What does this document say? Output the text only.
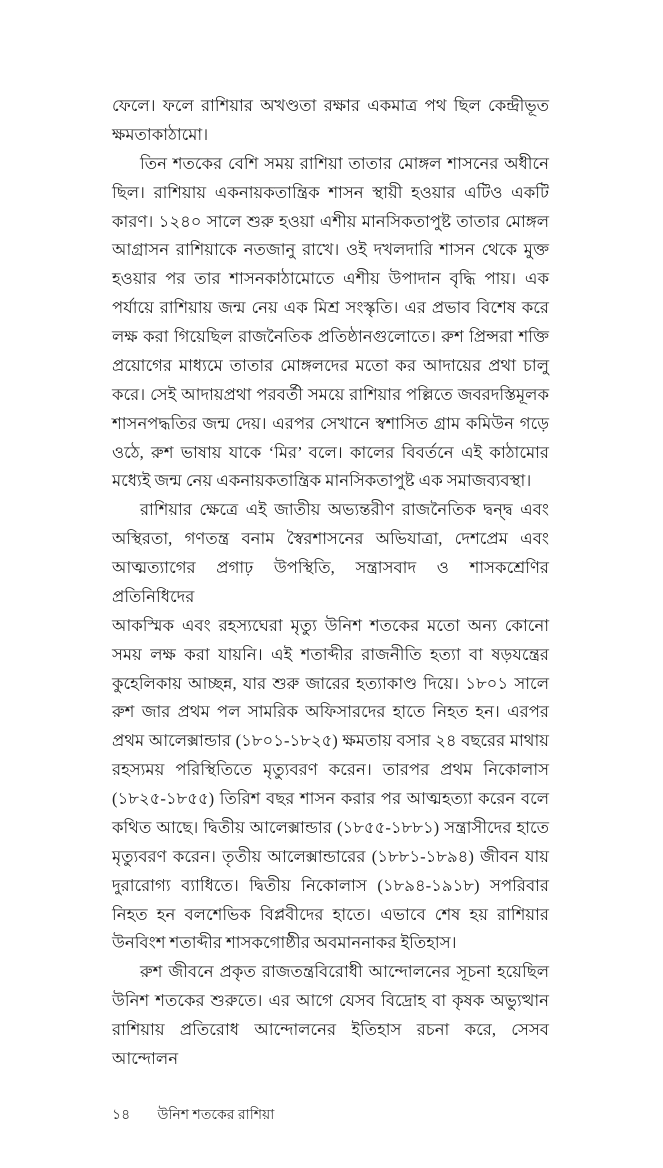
ফেলে। ফলে রাশিয়ার অখণ্ডতা রক্ষার একমাত্র পথ ছিল কেন্দ্রীভূত
ক্ষমতাকাঠামো।
তিন শতকের বেশি সময় রাশিয়া তাতার মোঙ্গল শাসনের অধীনে
ছিল। রাশিয়ায় একনায়কতান্ত্রিক শাসন স্থায়ী হওয়ার এটিও একটি
কারণ। ১২৪০ সালে শুরু হওয়া এশীয় মানসিকতাপুষ্ট তাতার মোঙ্গল
আগ্রাসন রাশিয়াকে নতজানু রাখে। ওই দখলদারি শাসন থেকে মুক্ত
হওয়ার পর তার শাসনকাঠামোতে এশীয় উপাদান বৃদ্ধি পায়। এক
পর্যায়ে রাশিয়ায় জন্ম নেয় এক মিশ্র সংস্কৃতি। এর প্রভাব বিশেষ করে
লক্ষ করা গিয়েছিল রাজনৈতিক প্রতিষ্ঠানগুলোতে। রুশ প্রিন্সরা শক্তি
প্রয়োগের মাধ্যমে তাতার মোঙ্গলদের মতো কর আদায়ের প্রথা চালু
করে। সেই আদায়প্রথা পরবর্তী সময়ে রাশিয়ার পল্লিতে জবরদস্তিমূলক
শাসনপদ্ধতির জন্ম দেয়। এরপর সেখানে স্বশাসিত গ্রাম কমিউন গড়ে
ওঠে, রুশ ভাষায় যাকে ‘মির’ বলে। কালের বিবর্তনে এই কাঠামোর
মধ্যেই জন্ম নেয় একনায়কতান্ত্রিক মানসিকতাপুষ্ট এক সমাজব্যবস্থা।
রাশিয়ার ক্ষেত্রে এই জাতীয় অভ্যন্তরীণ রাজনৈতিক দ্বন্দ্ব এবং
অস্থিরতা, গণতন্ত্র বনাম স্বৈরশাসনের অভিযাত্রা, দেশপ্রেম এবং
আত্মত্যাগের প্রগাঢ় উপস্থিতি, সন্ত্রাসবাদ ও শাসকশ্রেণির প্রতিনিধিদের
আকস্মিক এবং রহস্যঘেরা মৃত্যু উনিশ শতকের মতো অন্য কোনো
সময় লক্ষ করা যায়নি। এই শতাব্দীর রাজনীতি হত্যা বা ষড়যন্ত্রের
কুহেলিকায় আচ্ছন্ন, যার শুরু জারের হত্যাকাণ্ড দিয়ে। ১৮০১ সালে
রুশ জার প্রথম পল সামরিক অফিসারদের হাতে নিহত হন। এরপর
প্রথম আলেক্সান্ডার (১৮০১-১৮২৫) ক্ষমতায় বসার ২৪ বছরের মাথায়
রহস্যময় পরিস্থিতিতে মৃত্যুবরণ করেন। তারপর প্রথম নিকোলাস
(১৮২৫-১৮৫৫) তিরিশ বছর শাসন করার পর আত্মহত্যা করেন বলে
কথিত আছে। দ্বিতীয় আলেক্সান্ডার (১৮৫৫-১৮৮১) সন্ত্রাসীদের হাতে
মৃত্যুবরণ করেন। তৃতীয় আলেক্সান্ডারের (১৮৮১-১৮৯৪) জীবন যায়
দুরারোগ্য ব্যাধিতে। দ্বিতীয় নিকোলাস (১৮৯৪-১৯১৮) সপরিবার
নিহত হন বলশেভিক বিপ্লবীদের হাতে। এভাবে শেষ হয় রাশিয়ার
উনবিংশ শতাব্দীর শাসকগোষ্ঠীর অবমাননাকর ইতিহাস।
রুশ জীবনে প্রকৃত রাজতন্ত্রবিরোধী আন্দোলনের সূচনা হয়েছিল
উনিশ শতকের শুরুতে। এর আগে যেসব বিদ্রোহ বা কৃষক অভ্যুত্থান
রাশিয়ায় প্রতিরোধ আন্দোলনের ইতিহাস রচনা করে, সেসব আন্দোলন
১৪ উনিশ শতকের রাশিয়া
